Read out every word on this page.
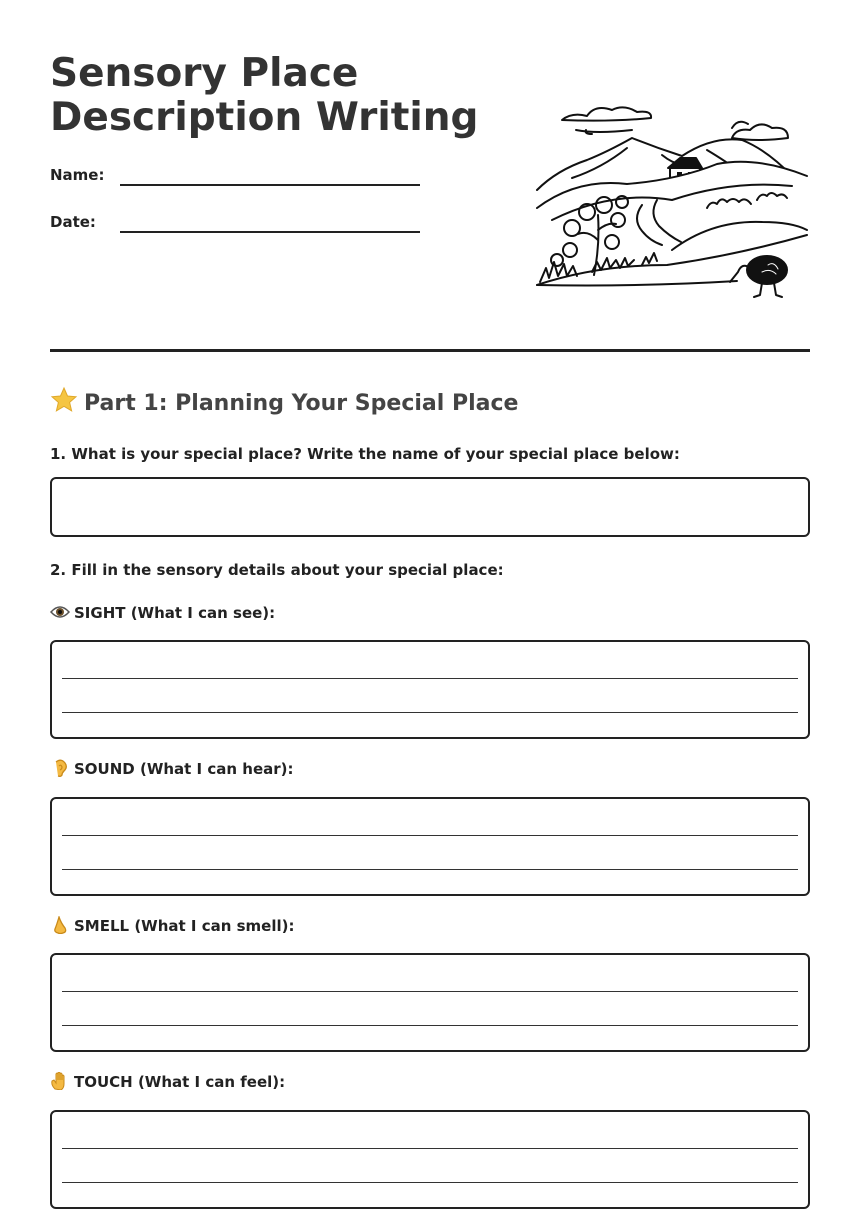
Sensory Place
Description Writing
Name:
Date:
Part 1: Planning Your Special Place
1. What is your special place? Write the name of your special place below:
2. Fill in the sensory details about your special place:
SIGHT (What I can see):
SOUND (What I can hear):
SMELL (What I can smell):
TOUCH (What I can feel):
